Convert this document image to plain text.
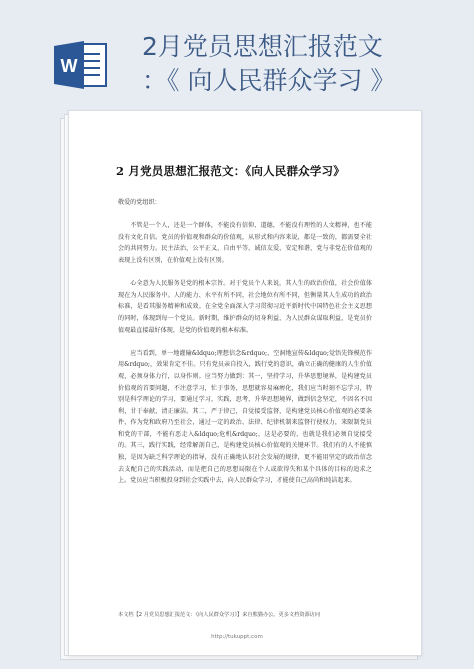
W
2月党员思想汇报范文
：《 向人民群众学习 》
2 月党员思想汇报范文：《向人民群众学习》

敬爱的党组织：

不管是一个人，还是一个群体，不能没有信仰、道德，不能没有理性的人文精神，也不能没有文化自信。党员的价值观和群众的价值观，从形式和内容来说，都是一致的，都需要全社会的共同努力。民主法治，公平正义，自由平等，诚信友爱，安定和谐，党与非党在价值观的表现上没有区别，在价值观上没有区别。

心全意为人民服务是党的根本宗旨。对于党员个人来说，其人生的政治价值，社会价值体现在为人民服务中。人的能力、水平有所不同，社会地位有所不同，但衡量其人生成功的政治标准，是看其服务精神和成效。在全党全面深入学习贯彻习近平新时代中国特色社会主义思想的同时，体现到每一个党员。新时期，维护群众的切身利益，为人民群众谋取利益，是党员价值观最直接最好体现，是党的价值观的根本标准。

应当看到，单一地灌输&ldquo;理想信念&rdquo;，空洞地宣传&ldquo;觉悟先锋模范作用&rdquo;，效果肯定不佳。只有党员亲自投入，践行党的意识，确立正确的健康的人生价值观，必须身体力行，以身作则。应当努力做到：其一，坚持学习，升华思想境界，是构建党员价值观的首要问题，不注意学习，忙于事务，思想就容易麻痹化，我们应当时刻不忘学习，特别是科学理论的学习，要通过学习，实践，思考，升华思想境界，做到信念坚定，不因名不因利，甘于奉献，清正廉洁。其二，严于律己，自觉接受监督，是构建党员核心价值观的必要条件，作为党和政府乃至社会，通过一定的政治、法律、纪律机制来监督行使权力，来限制党员和党的干部，不能有恶走入&ldquo;危机&rdquo;，这是必要的，也就是我们必须自觉接受的。其三，践行实践，经常解剖自己，是构建党员核心价值观的关键环节。我们有的人不能慎独，是因为缺乏科学理论的指导，没有正确地认识社会发展的规律，更不能用坚定的政治信念去支配自己的实践活动，而是把自己的思想局限在个人或欲得失和某个具体的目标的追求之上。党员应当积极投身到社会实践中去，向人民群众学习，才能使自己高尚和纯洁起来。

本文档【2 月党员思想汇报范文：《向人民群众学习》】来自熊猫办公。更多文档资源访问
http://tukuppt.com
